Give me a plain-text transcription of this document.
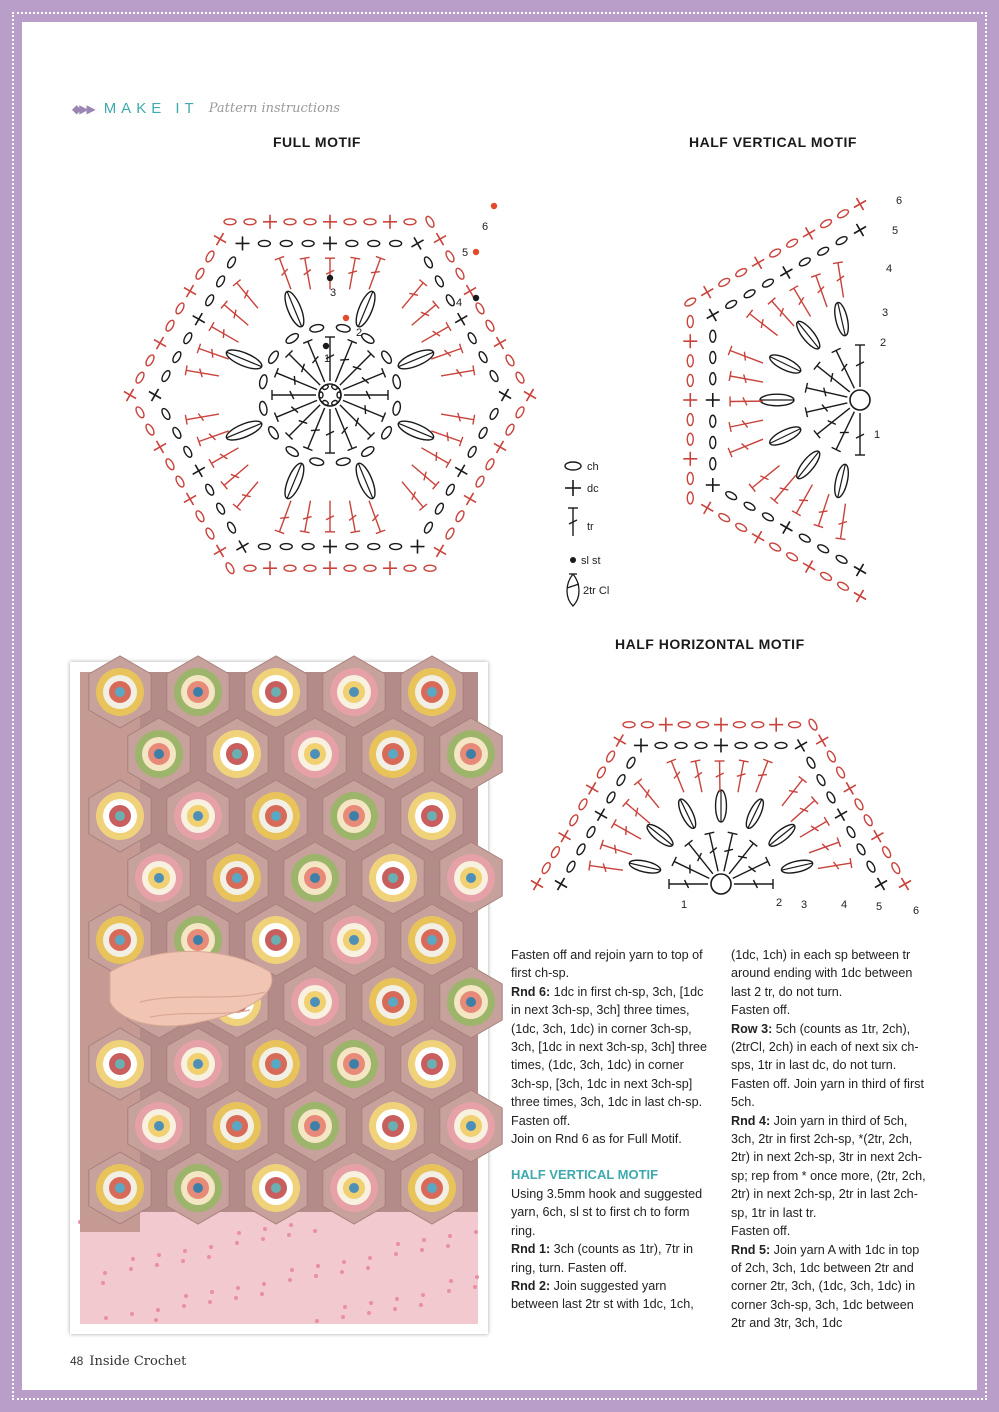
◆▶▶ MAKE IT Pattern instructions
FULL MOTIF	HALF VERTICAL MOTIF
HALF HORIZONTAL MOTIF
1
2
3
4
5
6
1
2
3
4
5
6
1	2 3	4	5	6
ch
dc
tr
sl st
2tr Cl

Fasten off and rejoin yarn to top of first ch-sp.

Rnd 6: 1dc in first ch-sp, 3ch, [1dc in next 3ch-sp, 3ch] three times, (1dc, 3ch, 1dc) in corner 3ch-sp, 3ch, [1dc in next 3ch-sp, 3ch] three times, (1dc, 3ch, 1dc) in corner 3ch-sp, [3ch, 1dc in next 3ch-sp] three times, 3ch, 1dc in last ch-sp.

Fasten off.

Join on Rnd 6 as for Full Motif.

HALF VERTICAL MOTIF

Using 3.5mm hook and suggested yarn, 6ch, sl st to first ch to form ring.

Rnd 1: 3ch (counts as 1tr), 7tr in ring, turn. Fasten off.

Rnd 2: Join suggested yarn between last 2tr st with 1dc, 1ch,

(1dc, 1ch) in each sp between tr around ending with 1dc between last 2 tr, do not turn.

Fasten off.

Row 3: 5ch (counts as 1tr, 2ch), (2trCl, 2ch) in each of next six ch-sps, 1tr in last dc, do not turn. Fasten off. Join yarn in third of first 5ch.

Rnd 4: Join yarn in third of 5ch, 3ch, 2tr in first 2ch-sp, *(2tr, 2ch, 2tr) in next 2ch-sp, 3tr in next 2ch-sp; rep from * once more, (2tr, 2ch, 2tr) in next 2ch-sp, 2tr in last 2ch-sp, 1tr in last tr.

Fasten off.

Rnd 5: Join yarn A with 1dc in top of 2ch, 3ch, 1dc between 2tr and corner 2tr, 3ch, (1dc, 3ch, 1dc) in corner 3ch-sp, 3ch, 1dc between 2tr and 3tr, 3ch, 1dc

48 Inside Crochet
